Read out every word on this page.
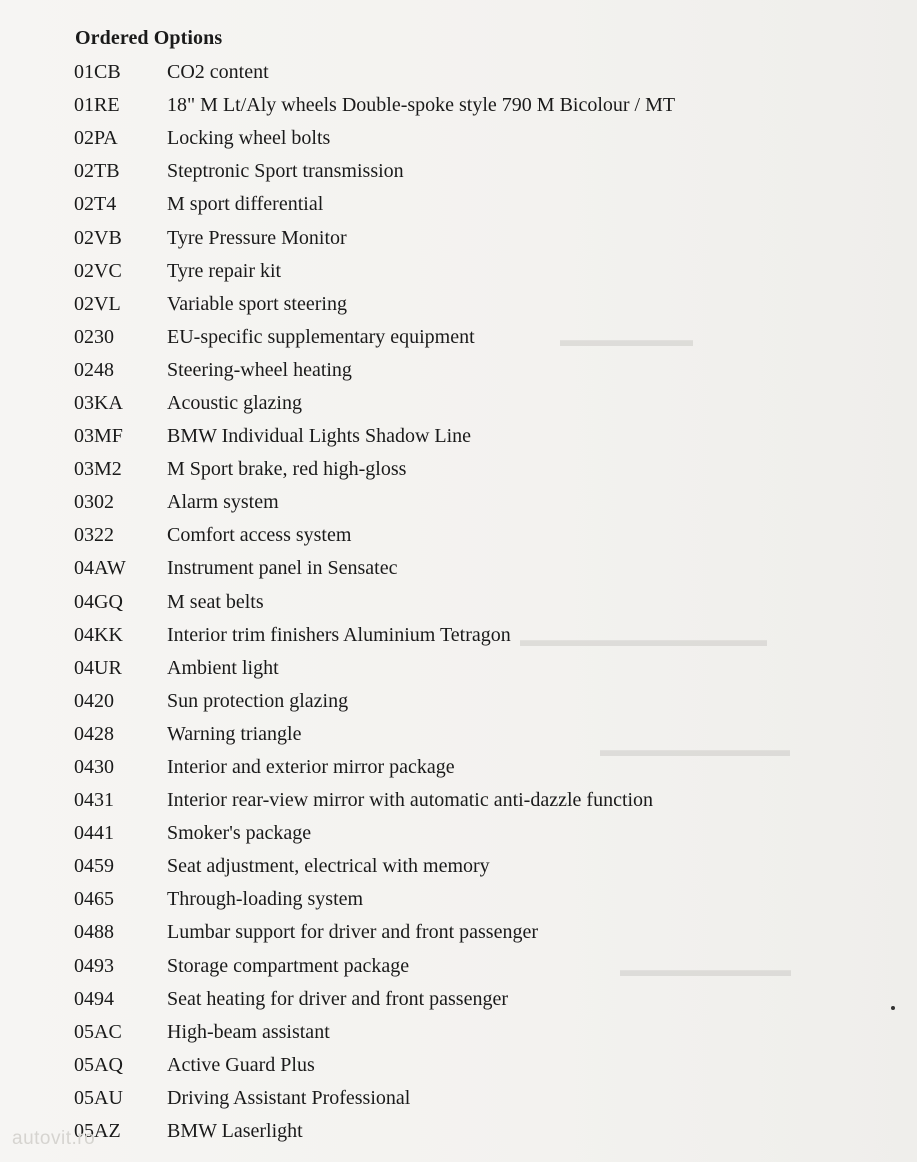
▬▬▬▬▬▬▬
▬▬▬▬▬▬▬▬▬▬▬▬▬
▬▬▬▬▬▬▬▬▬▬
▬▬▬▬▬▬▬▬▬
Ordered Options
01CB	CO2 content
01RE	18" M Lt/Aly wheels Double-spoke style 790 M Bicolour / MT
02PA	Locking wheel bolts
02TB	Steptronic Sport transmission
02T4	M sport differential
02VB	Tyre Pressure Monitor
02VC	Tyre repair kit
02VL	Variable sport steering
0230	EU-specific supplementary equipment
0248	Steering-wheel heating
03KA	Acoustic glazing
03MF	BMW Individual Lights Shadow Line
03M2	M Sport brake, red high-gloss
0302	Alarm system
0322	Comfort access system
04AW	Instrument panel in Sensatec
04GQ	M seat belts
04KK	Interior trim finishers Aluminium Tetragon
04UR	Ambient light
0420	Sun protection glazing
0428	Warning triangle
0430	Interior and exterior mirror package
0431	Interior rear-view mirror with automatic anti-dazzle function
0441	Smoker's package
0459	Seat adjustment, electrical with memory
0465	Through-loading system
0488	Lumbar support for driver and front passenger
0493	Storage compartment package
0494	Seat heating for driver and front passenger
05AC	High-beam assistant
05AQ	Active Guard Plus
05AU	Driving Assistant Professional
05AZ	BMW Laserlight
autovit.ro
